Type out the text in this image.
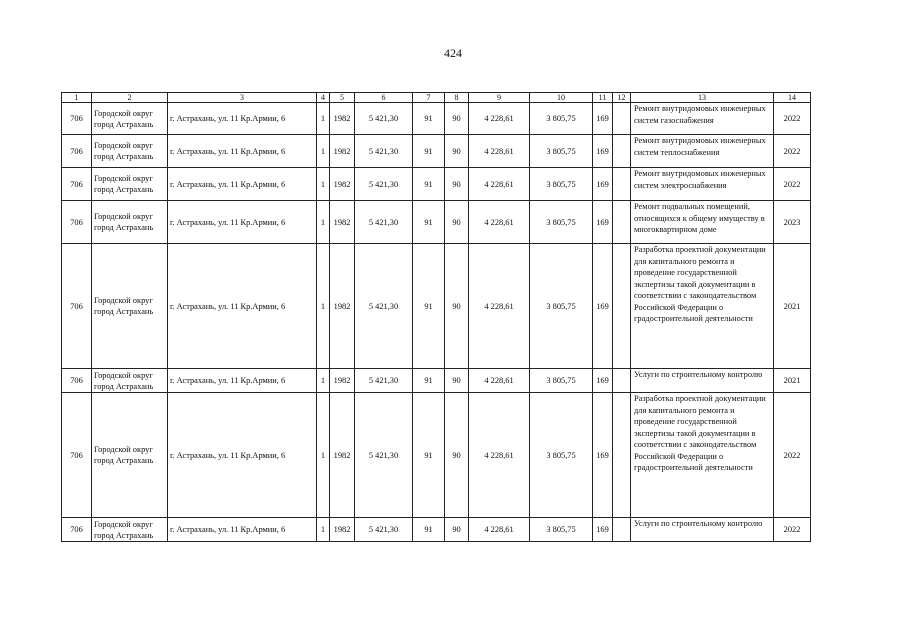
424
1	2	3	4	5	6	7	8	9	10	11	12	13	14
706	Городской округ город Астрахань	г. Астрахань, ул. 11 Кр.Армии, 6	1	1982	5 421,30	91	90	4 228,61	3 805,75	169		Ремонт внутридомовых инженерных систем газоснабжения	2022
706	Городской округ город Астрахань	г. Астрахань, ул. 11 Кр.Армии, 6	1	1982	5 421,30	91	90	4 228,61	3 805,75	169		Ремонт внутридомовых инженерных систем теплоснабжения	2022
706	Городской округ город Астрахань	г. Астрахань, ул. 11 Кр.Армии, 6	1	1982	5 421,30	91	90	4 228,61	3 805,75	169		Ремонт внутридомовых инженерных систем электроснабжения	2022
706	Городской округ город Астрахань	г. Астрахань, ул. 11 Кр.Армии, 6	1	1982	5 421,30	91	90	4 228,61	3 805,75	169		Ремонт подвальных помещений, относящихся к общему имуществу в многоквартирном доме	2023
706	Городской округ город Астрахань	г. Астрахань, ул. 11 Кр.Армии, 6	1	1982	5 421,30	91	90	4 228,61	3 805,75	169		Разработка проектной документации для капитального ремонта и проведение государственной экспертизы такой документации в соответствии с законодательством Российской Федерации о градостроительной деятельности	2021
706	Городской округ город Астрахань	г. Астрахань, ул. 11 Кр.Армии, 6	1	1982	5 421,30	91	90	4 228,61	3 805,75	169		Услуги по строительному контролю	2021
706	Городской округ город Астрахань	г. Астрахань, ул. 11 Кр.Армии, 6	1	1982	5 421,30	91	90	4 228,61	3 805,75	169		Разработка проектной документации для капитального ремонта и проведение государственной экспертизы такой документации в соответствии с законодательством Российской Федерации о градостроительной деятельности	2022
706	Городской округ город Астрахань	г. Астрахань, ул. 11 Кр.Армии, 6	1	1982	5 421,30	91	90	4 228,61	3 805,75	169		Услуги по строительному контролю	2022
